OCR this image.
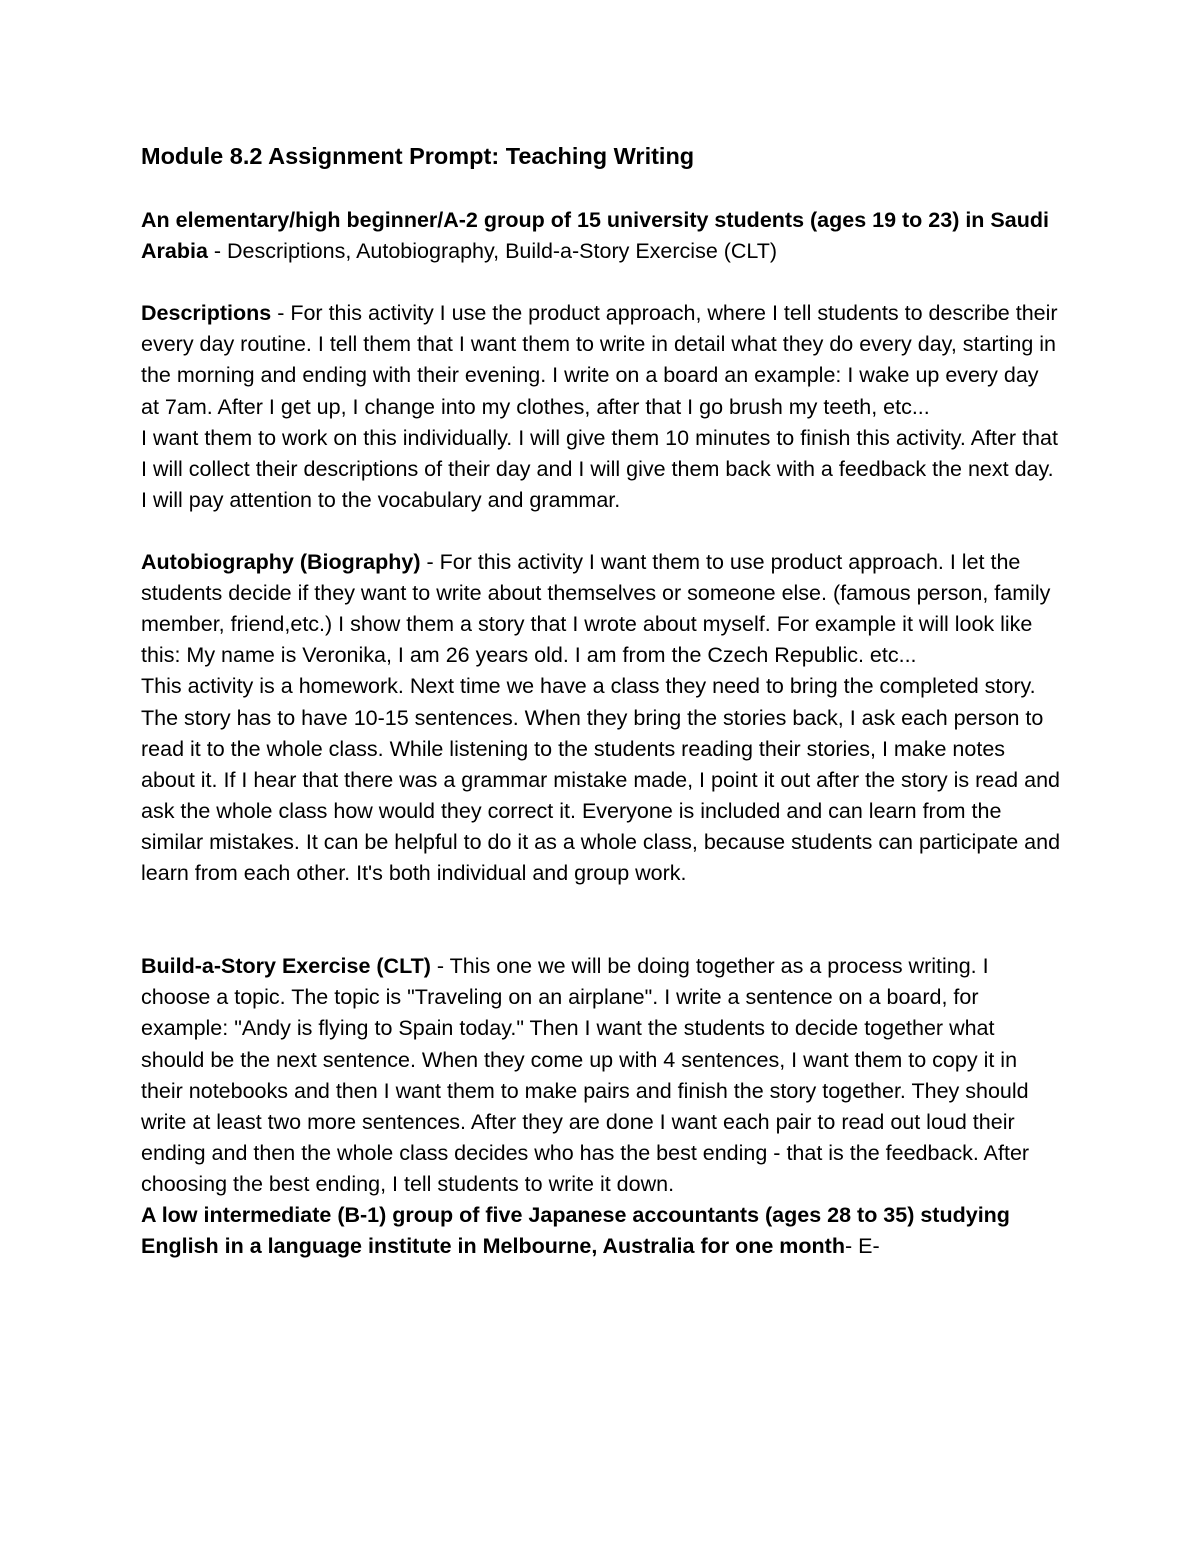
Module 8.2 Assignment Prompt: Teaching Writing

An elementary/high beginner/A-2 group of 15 university students (ages 19 to 23) in Saudi Arabia - Descriptions, Autobiography, Build-a-Story Exercise (CLT)

Descriptions - For this activity I use the product approach, where I tell students to describe their every day routine. I tell them that I want them to write in detail what they do every day, starting in the morning and ending with their evening. I write on a board an example: I wake up every day at 7am. After I get up, I change into my clothes, after that I go brush my teeth, etc...

I want them to work on this individually. I will give them 10 minutes to finish this activity. After that I will collect their descriptions of their day and I will give them back with a feedback the next day. I will pay attention to the vocabulary and grammar.

Autobiography (Biography) - For this activity I want them to use product approach. I let the students decide if they want to write about themselves or someone else. (famous person, family member, friend,etc.) I show them a story that I wrote about myself. For example it will look like this: My name is Veronika, I am 26 years old. I am from the Czech Republic. etc...

This activity is a homework. Next time we have a class they need to bring the completed story. The story has to have 10-15 sentences. When they bring the stories back, I ask each person to read it to the whole class. While listening to the students reading their stories, I make notes about it. If I hear that there was a grammar mistake made, I point it out after the story is read and ask the whole class how would they correct it. Everyone is included and can learn from the similar mistakes. It can be helpful to do it as a whole class, because students can participate and learn from each other. It's both individual and group work.

Build-a-Story Exercise (CLT) - This one we will be doing together as a process writing. I choose a topic. The topic is "Traveling on an airplane". I write a sentence on a board, for example: "Andy is flying to Spain today." Then I want the students to decide together what should be the next sentence. When they come up with 4 sentences, I want them to copy it in their notebooks and then I want them to make pairs and finish the story together. They should write at least two more sentences. After they are done I want each pair to read out loud their ending and then the whole class decides who has the best ending - that is the feedback. After choosing the best ending, I tell students to write it down.

A low intermediate (B-1) group of five Japanese accountants (ages 28 to 35) studying English in a language institute in Melbourne, Australia for one month- E-
